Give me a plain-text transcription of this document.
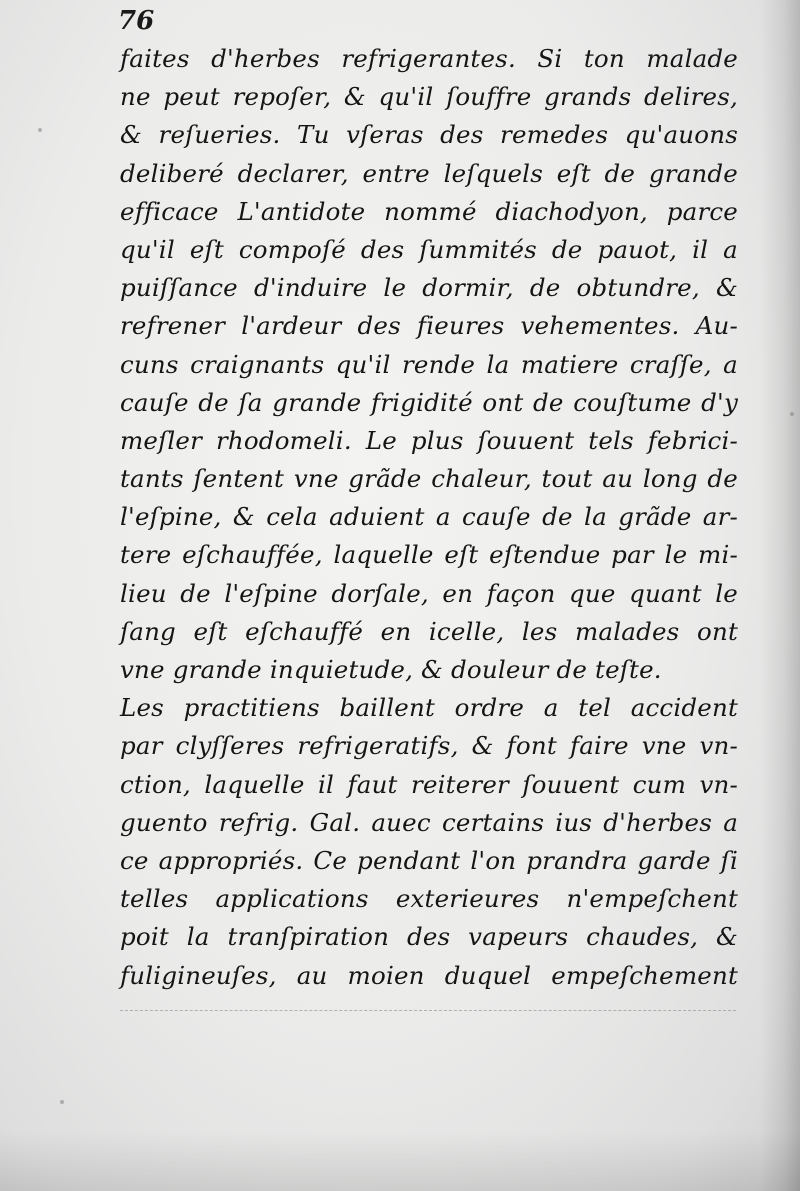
76
faites d'herbes refrigerantes. Si ton malade
ne peut repoſer, & qu'il ſouffre grands delires,
& reſueries. Tu vſeras des remedes qu'auons
deliberé declarer, entre leſquels eſt de grande
efficace L'antidote nommé diachodyon, parce
qu'il eſt compoſé des ſummités de pauot, il a
puiſſance d'induire le dormir, de obtundre, &
refrener l'ardeur des fieures vehementes. Au-
cuns craignants qu'il rende la matiere craſſe, a
cauſe de ſa grande frigidité ont de couſtume d'y
meſler rhodomeli. Le plus ſouuent tels febrici-
tants ſentent vne grãde chaleur, tout au long de
l'eſpine, & cela aduient a cauſe de la grãde ar-
tere eſchauffée, laquelle eſt eſtendue par le mi-
lieu de l'eſpine dorſale, en façon que quant le
ſang eſt eſchauffé en icelle, les malades ont
vne grande inquietude, & douleur de teſte.
Les practitiens baillent ordre a tel accident
par clyſſeres refrigeratifs, & font faire vne vn-
ction, laquelle il faut reiterer ſouuent cum vn-
guento refrig. Gal. auec certains ius d'herbes a
ce appropriés. Ce pendant l'on prandra garde ſi
telles applications exterieures n'empeſchent
poit la tranſpiration des vapeurs chaudes, &
fuligineuſes, au moien duquel empeſchement
